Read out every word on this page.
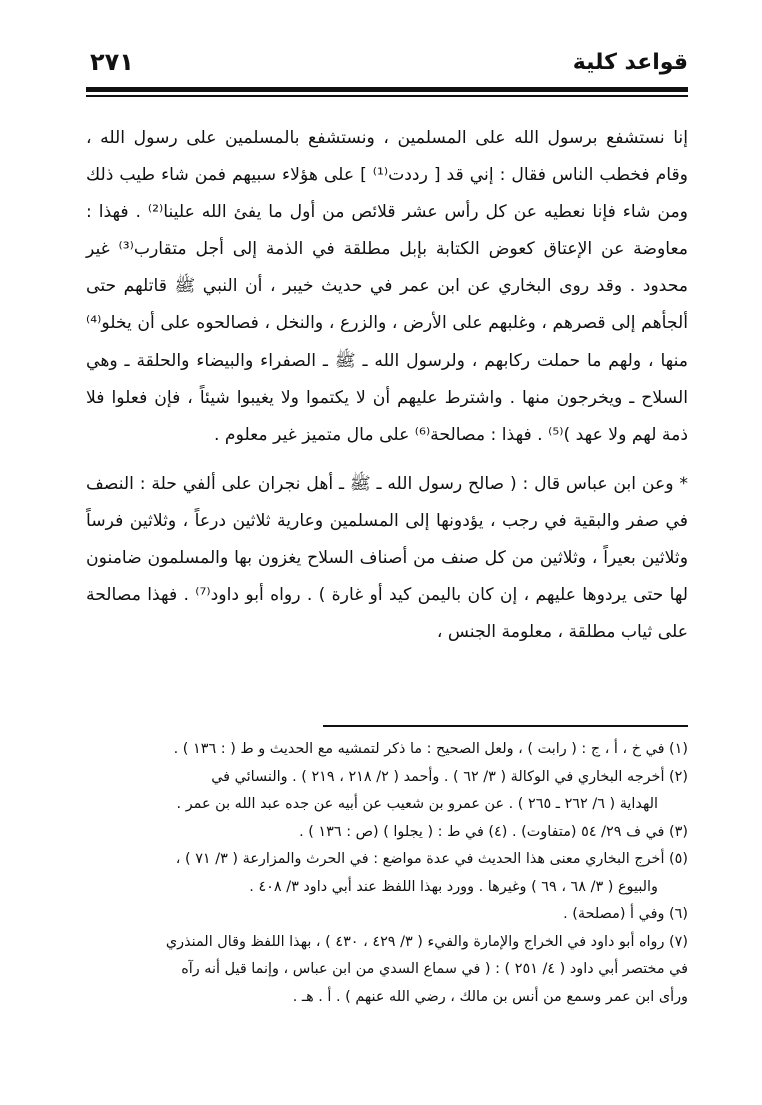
قواعد كلية
٢٧١

إنا نستشفع برسول الله على المسلمين ، ونستشفع بالمسلمين على رسول الله ، وقام فخطب الناس فقال : إني قد [ رددت⁽¹⁾ ] على هؤلاء سبيهم فمن شاء طيب ذلك ومن شاء فإنا نعطيه عن كل رأس عشر قلائص من أول ما يفئ الله علينا⁽²⁾ . فهذا : معاوضة عن الإعتاق كعوض الكتابة بإبل مطلقة في الذمة إلى أجل متقارب⁽³⁾ غير محدود . وقد روى البخاري عن ابن عمر في حديث خيبر ، أن النبي ﷺ قاتلهم حتى ألجأهم إلى قصرهم ، وغلبهم على الأرض ، والزرع ، والنخل ، فصالحوه على أن يخلو⁽⁴⁾ منها ، ولهم ما حملت ركابهم ، ولرسول الله ـ ﷺ ـ الصفراء والبيضاء والحلقة ـ وهي السلاح ـ ويخرجون منها . واشترط عليهم أن لا يكتموا ولا يغيبوا شيئاً ، فإن فعلوا فلا ذمة لهم ولا عهد )⁽⁵⁾ . فهذا : مصالحة⁽⁶⁾ على مال متميز غير معلوم .

* وعن ابن عباس قال : ( صالح رسول الله ـ ﷺ ـ أهل نجران على ألفي حلة : النصف في صفر والبقية في رجب ، يؤدونها إلى المسلمين وعارية ثلاثين درعاً ، وثلاثين فرساً وثلاثين بعيراً ، وثلاثين من كل صنف من أصناف السلاح يغزون بها والمسلمون ضامنون لها حتى يردوها عليهم ، إن كان باليمن كيد أو غارة ) . رواه أبو داود⁽⁷⁾ . فهذا مصالحة على ثياب مطلقة ، معلومة الجنس ،

(١) في خ ، أ ، ج : ( رابت ) ، ولعل الصحيح : ما ذكر لتمشيه مع الحديث و ط ( : ١٣٦ ) .

(٢) أخرجه البخاري في الوكالة ( ٣/ ٦٢ ) . وأحمد ( ٢/ ٢١٨ ، ٢١٩ ) . والنسائي في

الهداية ( ٦/ ٢٦٢ ـ ٢٦٥ ) . عن عمرو بن شعيب عن أبيه عن جده عبد الله بن عمر .

(٣) في ف ٢٩/ ٥٤ (متفاوت) . (٤) في ط : ( يجلوا ) (ص : ١٣٦ ) .

(٥) أخرج البخاري معنى هذا الحديث في عدة مواضع : في الحرث والمزارعة ( ٣/ ٧١ ) ،

والبيوع ( ٣/ ٦٨ ، ٦٩ ) وغيرها . وورد بهذا اللفظ عند أبي داود ٣/ ٤٠٨ .

(٦) وفي أ (مصلحة) .

(٧) رواه أبو داود في الخراج والإمارة والفيء ( ٣/ ٤٢٩ ، ٤٣٠ ) ، بهذا اللفظ وقال المنذري

في مختصر أبي داود ( ٤/ ٢٥١ ) : ( في سماع السدي من ابن عباس ، وإنما قيل أنه رآه

ورأى ابن عمر وسمع من أنس بن مالك ، رضي الله عنهم ) . أ . هـ .
